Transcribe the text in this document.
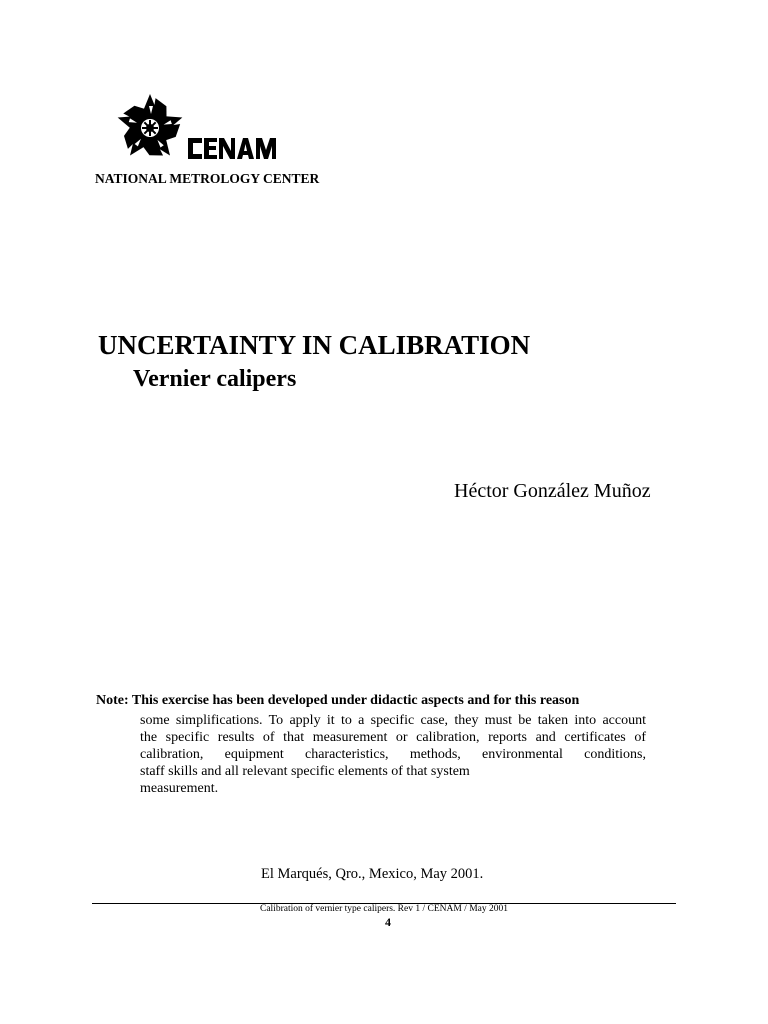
NATIONAL METROLOGY CENTER
UNCERTAINTY IN CALIBRATION
Vernier calipers
Héctor González Muñoz
Note: This exercise has been developed under didactic aspects and for this reason
some simplifications. To apply it to a specific case, they must be taken into account
the specific results of that measurement or calibration, reports and certificates of
calibration, equipment characteristics, methods, environmental conditions,
staff skills and all relevant specific elements of that system
measurement.
El Marqués, Qro., Mexico, May 2001.
Calibration of vernier type calipers. Rev 1 / CENAM / May 2001
4
